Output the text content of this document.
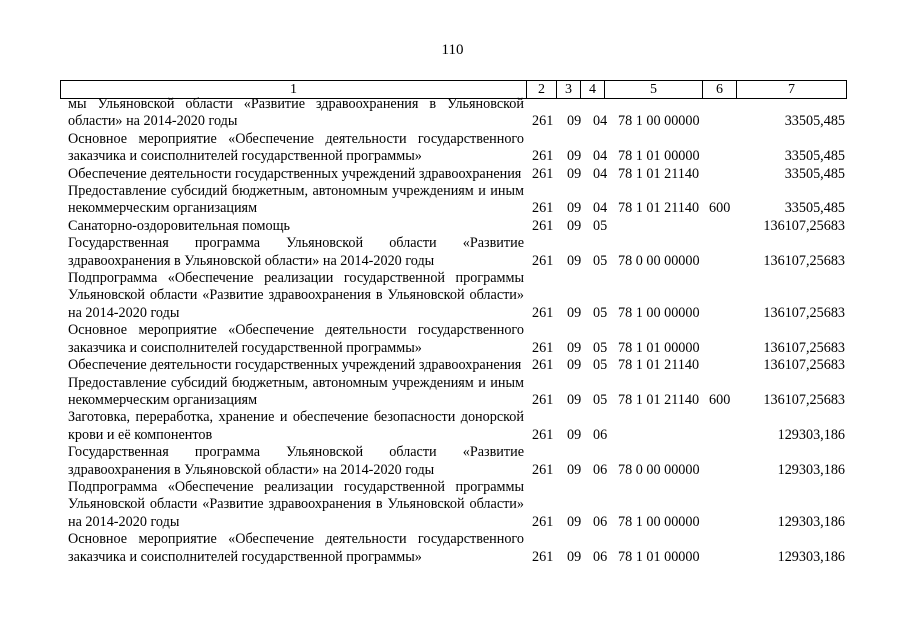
110
1	2	3	4	5	6	7
мы Ульяновской области «Развитие здравоохранения в Ульяновской области» на 2014-2020 годы	261 09 04 78 1 00 00000	33505,485
Основное мероприятие «Обеспечение деятельности государственного заказчика и соисполнителей государственной программы»	261 09 04 78 1 01 00000	33505,485
Обеспечение деятельности государственных учреждений здравоохранения 261 09 04 78 1 01 21140	33505,485
Предоставление субсидий бюджетным, автономным учреждениям и иным некоммерческим организациям	261 09 04 78 1 01 21140 600	33505,485
Санаторно-оздоровительная помощь	261 09 05	136107,25683
Государственная программа Ульяновской области «Развитие здравоохранения в Ульяновской области» на 2014-2020 годы	261 09 05 78 0 00 00000	136107,25683
Подпрограмма «Обеспечение реализации государственной программы Ульяновской области «Развитие здравоохранения в Ульяновской области» на 2014-2020 годы	261 09 05 78 1 00 00000	136107,25683
Основное мероприятие «Обеспечение деятельности государственного заказчика и соисполнителей государственной программы»	261 09 05 78 1 01 00000	136107,25683
Обеспечение деятельности государственных учреждений здравоохранения 261 09 05 78 1 01 21140	136107,25683
Предоставление субсидий бюджетным, автономным учреждениям и иным некоммерческим организациям	261 09 05 78 1 01 21140 600 136107,25683
Заготовка, переработка, хранение и обеспечение безопасности донорской крови и её компонентов	261 09 06	129303,186
Государственная программа Ульяновской области «Развитие здравоохранения в Ульяновской области» на 2014-2020 годы	261 09 06 78 0 00 00000	129303,186
Подпрограмма «Обеспечение реализации государственной программы Ульяновской области «Развитие здравоохранения в Ульяновской области» на 2014-2020 годы	261 09 06 78 1 00 00000	129303,186
Основное мероприятие «Обеспечение деятельности государственного заказчика и соисполнителей государственной программы»	261 09 06 78 1 01 00000	129303,186
